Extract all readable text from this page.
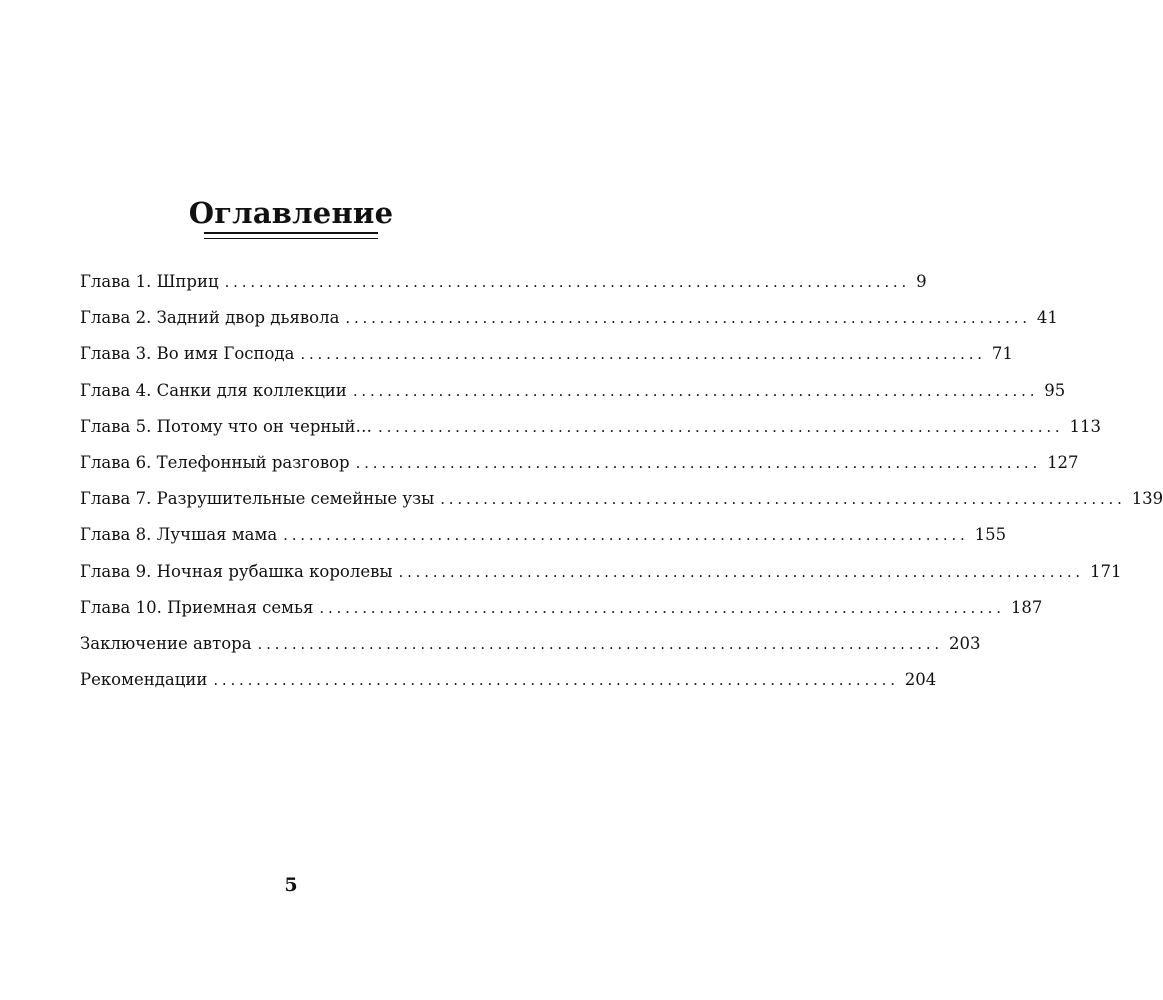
Оглавление
Глава 1. Шприц ................................................................................ 9
Глава 2. Задний двор дьявола ................................................................................ 41
Глава 3. Во имя Господа ................................................................................ 71
Глава 4. Санки для коллекции ................................................................................ 95
Глава 5. Потому что он черный… ................................................................................ 113
Глава 6. Телефонный разговор ................................................................................ 127
Глава 7. Разрушительные семейные узы ................................................................................ 139
Глава 8. Лучшая мама ................................................................................ 155
Глава 9. Ночная рубашка королевы ................................................................................ 171
Глава 10. Приемная семья ................................................................................ 187
Заключение автора ................................................................................ 203
Рекомендации ................................................................................ 204
5
